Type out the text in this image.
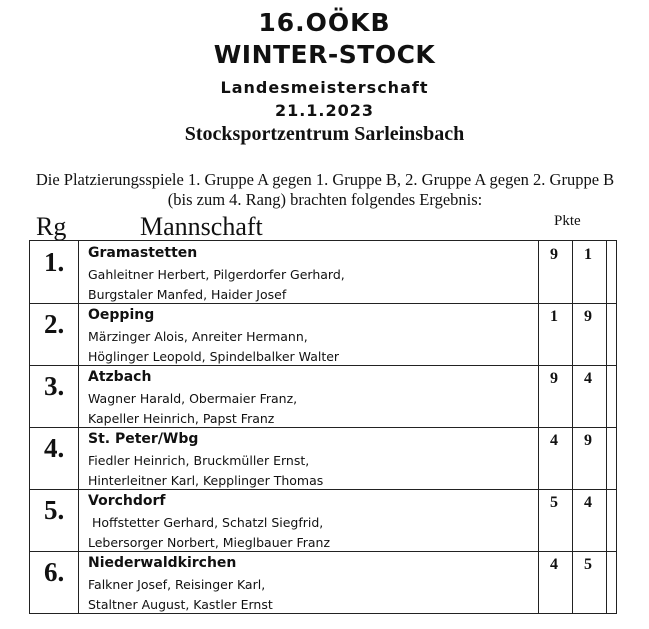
16.OÖKB
WINTER-STOCK
Landesmeisterschaft
21.1.2023
Stocksportzentrum Sarleinsbach
Die Platzierungsspiele 1. Gruppe A gegen 1. Gruppe B, 2. Gruppe A gegen 2. Gruppe B (bis zum 4. Rang) brachten folgendes Ergebnis:
Rg	Mannschaft	Pkte
1. Gramastetten
Gahleitner Herbert, Pilgerdorfer Gerhard,
Burgstaler Manfed, Haider Josef
9	1
2. Oepping
Märzinger Alois, Anreiter Hermann,
Höglinger Leopold, Spindelbalker Walter
1	9
3. Atzbach
Wagner Harald, Obermaier Franz,
Kapeller Heinrich, Papst Franz
9	4
4. St. Peter/Wbg
Fiedler Heinrich, Bruckmüller Ernst,
Hinterleitner Karl, Kepplinger Thomas
4	9
5. Vorchdorf
Hoffstetter Gerhard, Schatzl Siegfrid,
Lebersorger Norbert, Mieglbauer Franz
5	4
6. Niederwaldkirchen
Falkner Josef, Reisinger Karl,
Staltner August, Kastler Ernst
4	5
